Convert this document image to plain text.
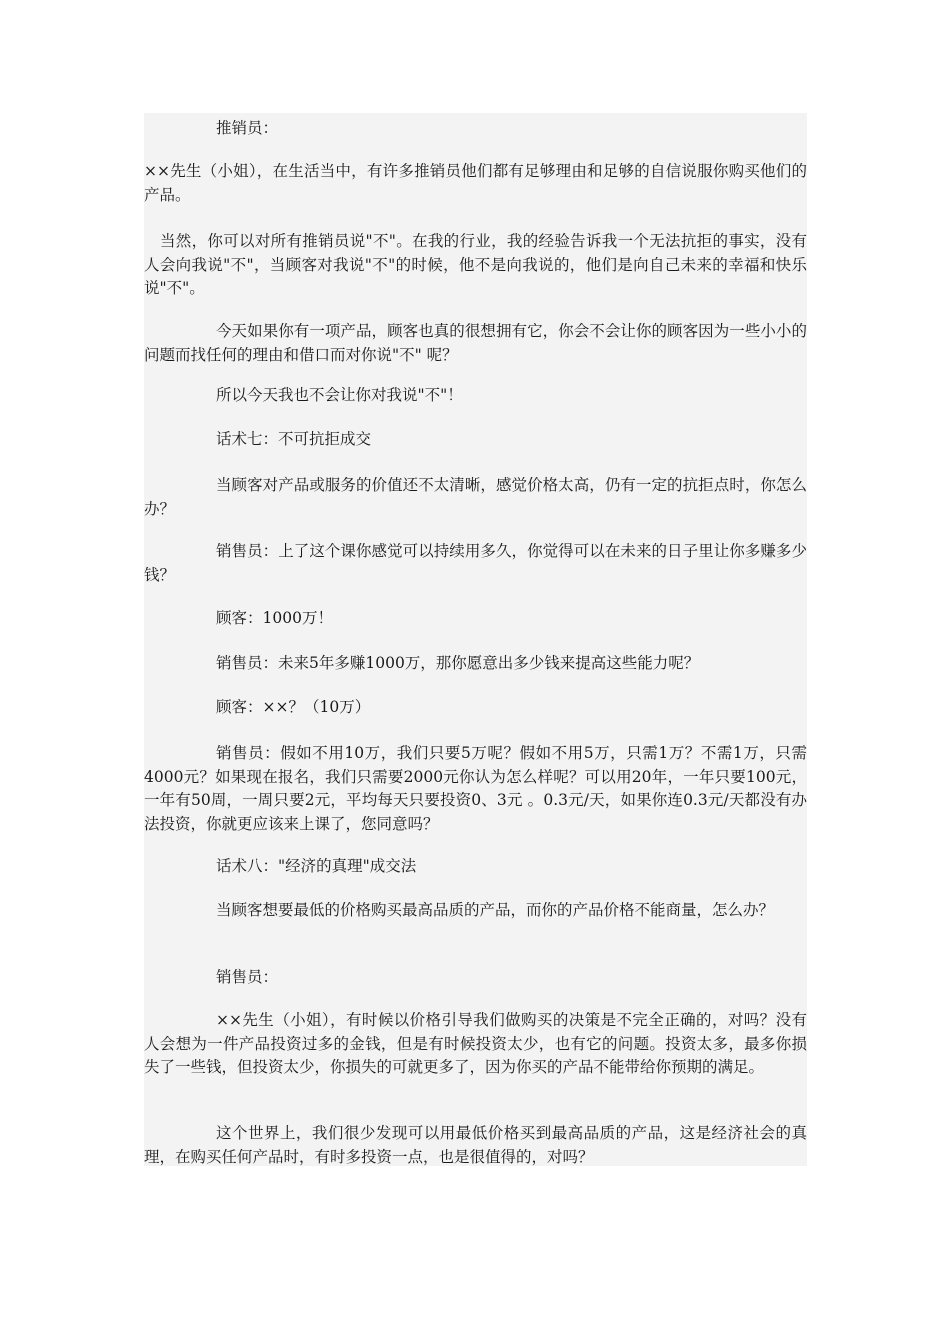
推销员：

××先生（小姐），在生活当中，有许多推销员他们都有足够理由和足够的自信说服你购买他们的产品。

当然，你可以对所有推销员说"不"。在我的行业，我的经验告诉我一个无法抗拒的事实，没有人会向我说"不"，当顾客对我说"不"的时候，他不是向我说的，他们是向自己未来的幸福和快乐说"不"。

今天如果你有一项产品，顾客也真的很想拥有它，你会不会让你的顾客因为一些小小的问题而找任何的理由和借口而对你说"不" 呢？

所以今天我也不会让你对我说"不"！

话术七：不可抗拒成交

当顾客对产品或服务的价值还不太清晰，感觉价格太高，仍有一定的抗拒点时，你怎么办？

销售员：上了这个课你感觉可以持续用多久，你觉得可以在未来的日子里让你多赚多少钱？

顾客：1000万！

销售员：未来5年多赚1000万，那你愿意出多少钱来提高这些能力呢？

顾客：××？（10万）

销售员：假如不用10万，我们只要5万呢？假如不用5万，只需1万？不需1万，只需4000元？如果现在报名，我们只需要2000元你认为怎么样呢？可以用20年，一年只要100元，一年有50周，一周只要2元，平均每天只要投资0、3元 。0.3元/天，如果你连0.3元/天都没有办法投资，你就更应该来上课了，您同意吗？

话术八："经济的真理"成交法

当顾客想要最低的价格购买最高品质的产品，而你的产品价格不能商量，怎么办？

销售员：

××先生（小姐），有时候以价格引导我们做购买的决策是不完全正确的，对吗？没有人会想为一件产品投资过多的金钱，但是有时候投资太少，也有它的问题。投资太多，最多你损失了一些钱，但投资太少，你损失的可就更多了，因为你买的产品不能带给你预期的满足。

这个世界上，我们很少发现可以用最低价格买到最高品质的产品，这是经济社会的真理，在购买任何产品时，有时多投资一点，也是很值得的，对吗？
